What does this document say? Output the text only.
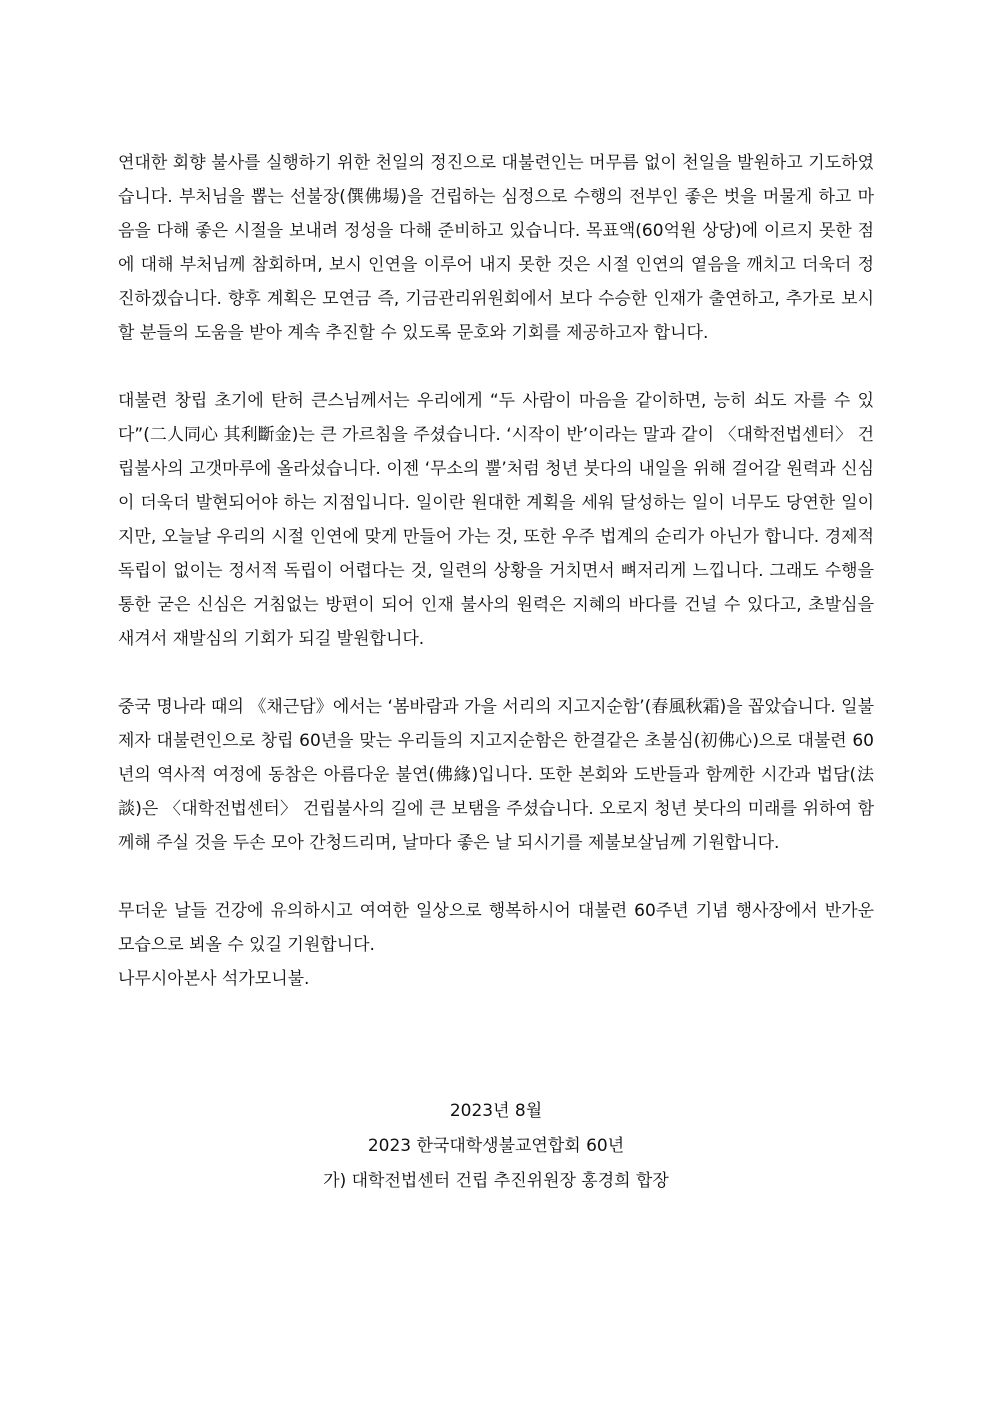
연대한 회향 불사를 실행하기 위한 천일의 정진으로 대불련인는 머무름 없이 천일을 발원하고 기도하였습니다. 부처님을 뽑는 선불장(僎佛場)을 건립하는 심정으로 수행의 전부인 좋은 벗을 머물게 하고 마음을 다해 좋은 시절을 보내려 정성을 다해 준비하고 있습니다. 목표액(60억원 상당)에 이르지 못한 점에 대해 부처님께 참회하며, 보시 인연을 이루어 내지 못한 것은 시절 인연의 옅음을 깨치고 더욱더 정진하겠습니다. 향후 계획은 모연금 즉, 기금관리위원회에서 보다 수승한 인재가 출연하고, 추가로 보시할 분들의 도움을 받아 계속 추진할 수 있도록 문호와 기회를 제공하고자 합니다.

대불련 창립 초기에 탄허 큰스님께서는 우리에게 “두 사람이 마음을 같이하면, 능히 쇠도 자를 수 있다”(二人同心 其利斷金)는 큰 가르침을 주셨습니다. ‘시작이 반’이라는 말과 같이 〈대학전법센터〉 건립불사의 고갯마루에 올라섰습니다. 이젠 ‘무소의 뿔’처럼 청년 붓다의 내일을 위해 걸어갈 원력과 신심이 더욱더 발현되어야 하는 지점입니다. 일이란 원대한 계획을 세워 달성하는 일이 너무도 당연한 일이지만, 오늘날 우리의 시절 인연에 맞게 만들어 가는 것, 또한 우주 법계의 순리가 아닌가 합니다. 경제적 독립이 없이는 정서적 독립이 어렵다는 것, 일련의 상황을 거치면서 뼈저리게 느낍니다. 그래도 수행을 통한 굳은 신심은 거침없는 방편이 되어 인재 불사의 원력은 지혜의 바다를 건널 수 있다고, 초발심을 새겨서 재발심의 기회가 되길 발원합니다.

중국 명나라 때의 《채근담》에서는 ‘봄바람과 가을 서리의 지고지순함’(春風秋霜)을 꼽았습니다. 일불제자 대불련인으로 창립 60년을 맞는 우리들의 지고지순함은 한결같은 초불심(初佛心)으로 대불련 60년의 역사적 여정에 동참은 아름다운 불연(佛緣)입니다. 또한 본회와 도반들과 함께한 시간과 법담(法談)은 〈대학전법센터〉 건립불사의 길에 큰 보탬을 주셨습니다. 오로지 청년 붓다의 미래를 위하여 함께해 주실 것을 두손 모아 간청드리며, 날마다 좋은 날 되시기를 제불보살님께 기원합니다.

무더운 날들 건강에 유의하시고 여여한 일상으로 행복하시어 대불련 60주년 기념 행사장에서 반가운 모습으로 뵈올 수 있길 기원합니다.

나무시아본사 석가모니불.

2023년 8월
2023 한국대학생불교연합회 60년
가) 대학전법센터 건립 추진위원장 홍경희 합장
